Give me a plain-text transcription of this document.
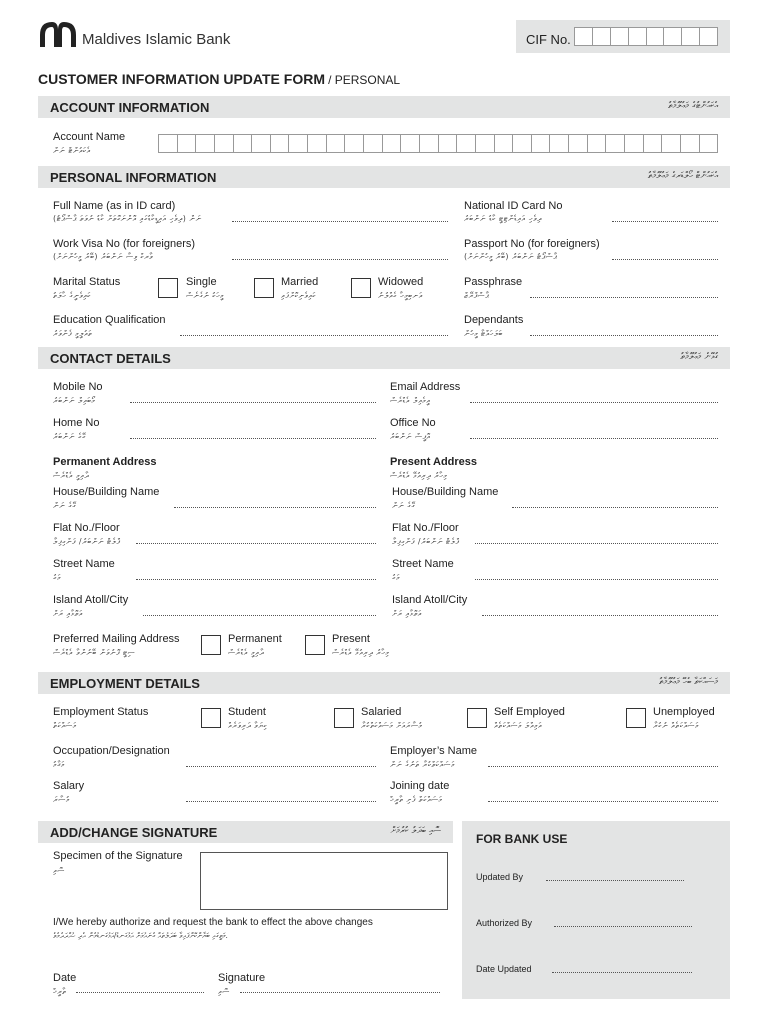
Maldives Islamic Bank	CIF No.
CUSTOMER INFORMATION UPDATE FORM / PERSONAL
ACCOUNT INFORMATION	އެކައުންޓުގެ މަޢުލޫމާތު
Account Name
އެކައުންޓް ނަން
PERSONAL INFORMATION	އެކައުންޓް ހޯލްޑަރގެ މަޢުލޫމާތު
Full Name (as in ID card)
ނަން (ދިވެހި އައިޑީކާޑުގައި އޮންނަގޮތަށް ކާޑު ނުވަތަ ޕާސްޕޯޓު)
National ID Card No
ދިވެހި އައިޑެންޓިޓީ ކާޑު ނަންބަރު
Work Visa No (for foreigners)
ވާރކް ވިސާ ނަންބަރު (ބޭރު މީހުންނަށް)
Passport No (for foreigners)
ޕާސްޕޯޓު ނަންބަރު (ބޭރު މީހުންނަށް)
Marital Status
ކައިވެނީގެ ހާލަތު
Single
މީހަކު ނުގެނެސް
Married
ކައިވެނިކޮށްފައި
Widowed
އަނބިމީހާ ގެއްލުނު
Passphrase
ޕާސްފްރޭޒް
Education Qualification
ތައުލީމީ ފެންވަރު
Dependants
ބަލަހައްޓާ މީހުން
CONTACT DETAILS	ގުޅޭނެ މަޢުލޫމާތު
Mobile No
މޯބައިލް ނަންބަރު
Email Address
އީމެއިލް އެޑްރެސް
Home No
ގޭގެ ނަންބަރު
Office No
އޮފީސް ނަންބަރު
Permanent Address
ދާއިމީ އެޑްރެސް
Present Address
މިހާރު ދިރިއުޅޭ އެޑްރެސް
House/Building Name
ގޭގެ ނަން
Flat No./Floor
ފްލެޓް ނަންބަރު/ ފަންގިފިލާ
Street Name
މަގު
Island Atoll/City
އަތޮޅާއި ރަށް
House/Building Name
ގޭގެ ނަން
Flat No./Floor
ފްލެޓް ނަންބަރު/ ފަންގިފިލާ
Street Name
މަގު
Island Atoll/City
އަތޮޅާއި ރަށް
Preferred Mailing Address
ސިޓީ ފޮނުވަން ބޭނުންވާ އެޑްރެސް
Permanent
ދާއިމީ އެޑްރެސް
Present
މިހާރު ދިރިއުޅޭ އެޑްރެސް
EMPLOYMENT DETAILS	މަސައްކަތާ ބެހޭ މަޢުލޫމާތު
Employment Status
މަސައްކަތް
Student
ކިޔަވާ ދަރިވަރެއް
Salaried
މުސާރައަށް މަސައްކަތްކުރާ
Self Employed
އަމިއްލަ މަސައްކަތެއް
Unemployed
މަސައްކަތެއް ނުކުރާ
Occupation/Designation
މަޤާމު
Employer’s Name
މަސައްކަތްކުރާ ތަނުގެ ނަން
Salary
މުސާރަ
Joining date
މަސައްކަތް ފެށި ތާރީޚް
ADD/CHANGE SIGNATURE	ސޮއި ބަދަލު ކުރުމަށް
Specimen of the Signature
ސޮއި
I/We hereby authorize and request the bank to effect the above changes
މަތީގައި ބަޔާންކޮށްފައިވާ ބަދަލުތައް ގެނައުމަށް އަޅުގަނޑު/އަޅުގަނޑުމެން އެދި ހުއްދަދެމެވެ.
Date
ތާރީޚް
Signature
ސޮއި
FOR BANK USE
Updated By
Authorized By
Date Updated
